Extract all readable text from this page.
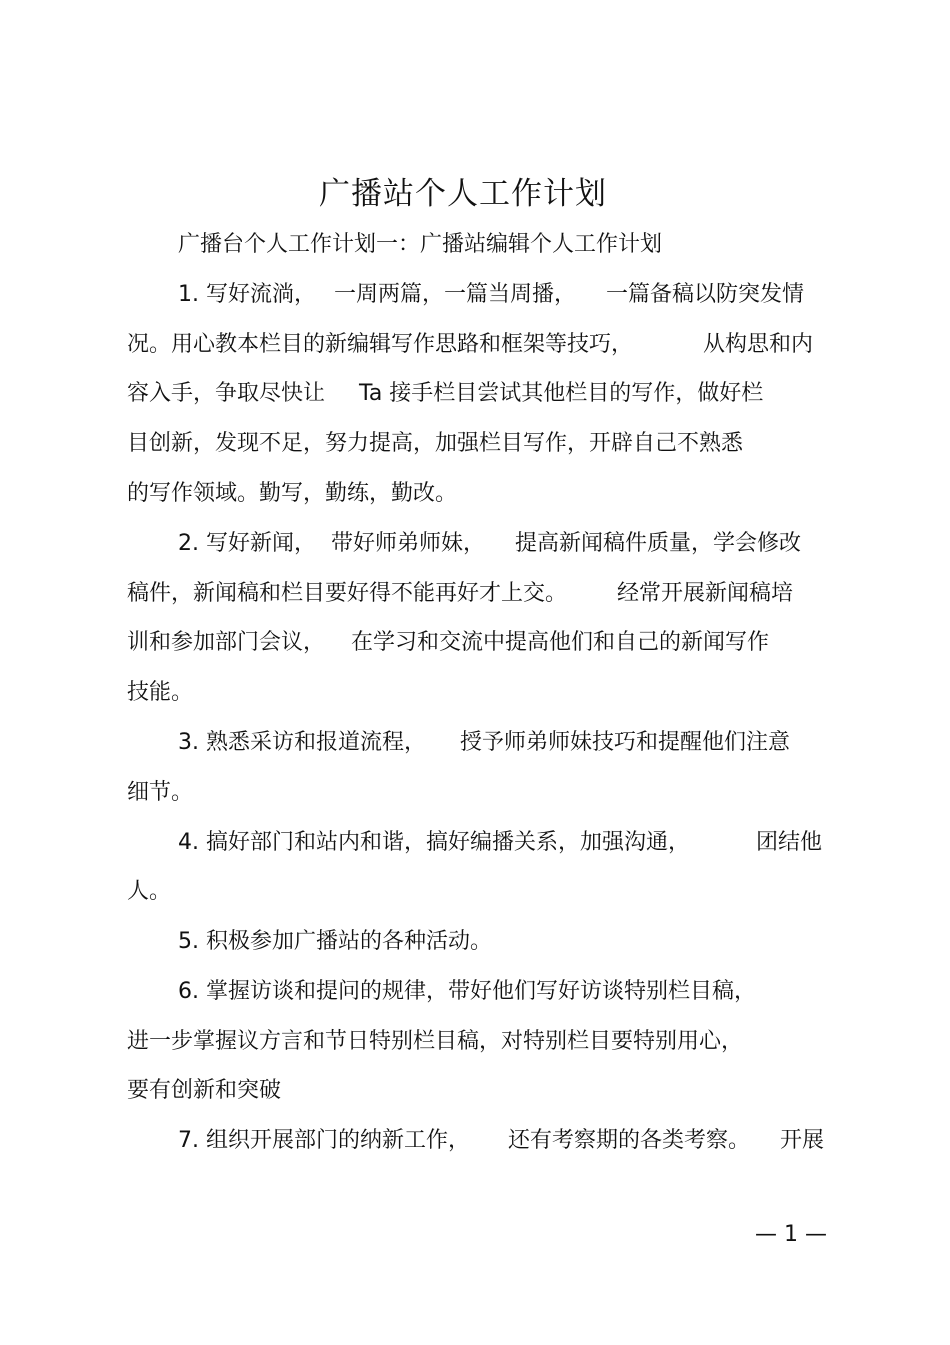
广播站个人工作计划
广播台个人工作计划一：广播站编辑个人工作计划
1. 写好流淌， 一周两篇，一篇当周播， 一篇备稿以防突发情
况。用心教本栏目的新编辑写作思路和框架等技巧，	从构思和内
容入手，争取尽快让 Ta 接手栏目尝试其他栏目的写作，做好栏
目创新，发现不足，努力提高，加强栏目写作，开辟自己不熟悉
的写作领域。勤写，勤练，勤改。
2. 写好新闻， 带好师弟师妹， 提高新闻稿件质量，学会修改
稿件，新闻稿和栏目要好得不能再好才上交。 经常开展新闻稿培
训和参加部门会议， 在学习和交流中提高他们和自己的新闻写作
技能。
3. 熟悉采访和报道流程， 授予师弟师妹技巧和提醒他们注意
细节。
4. 搞好部门和站内和谐，搞好编播关系，加强沟通，	团结他
人。
5. 积极参加广播站的各种活动。
6. 掌握访谈和提问的规律，带好他们写好访谈特别栏目稿，
进一步掌握议方言和节日特别栏目稿，对特别栏目要特别用心，
要有创新和突破
7. 组织开展部门的纳新工作， 还有考察期的各类考察。 开展
— 1 —
